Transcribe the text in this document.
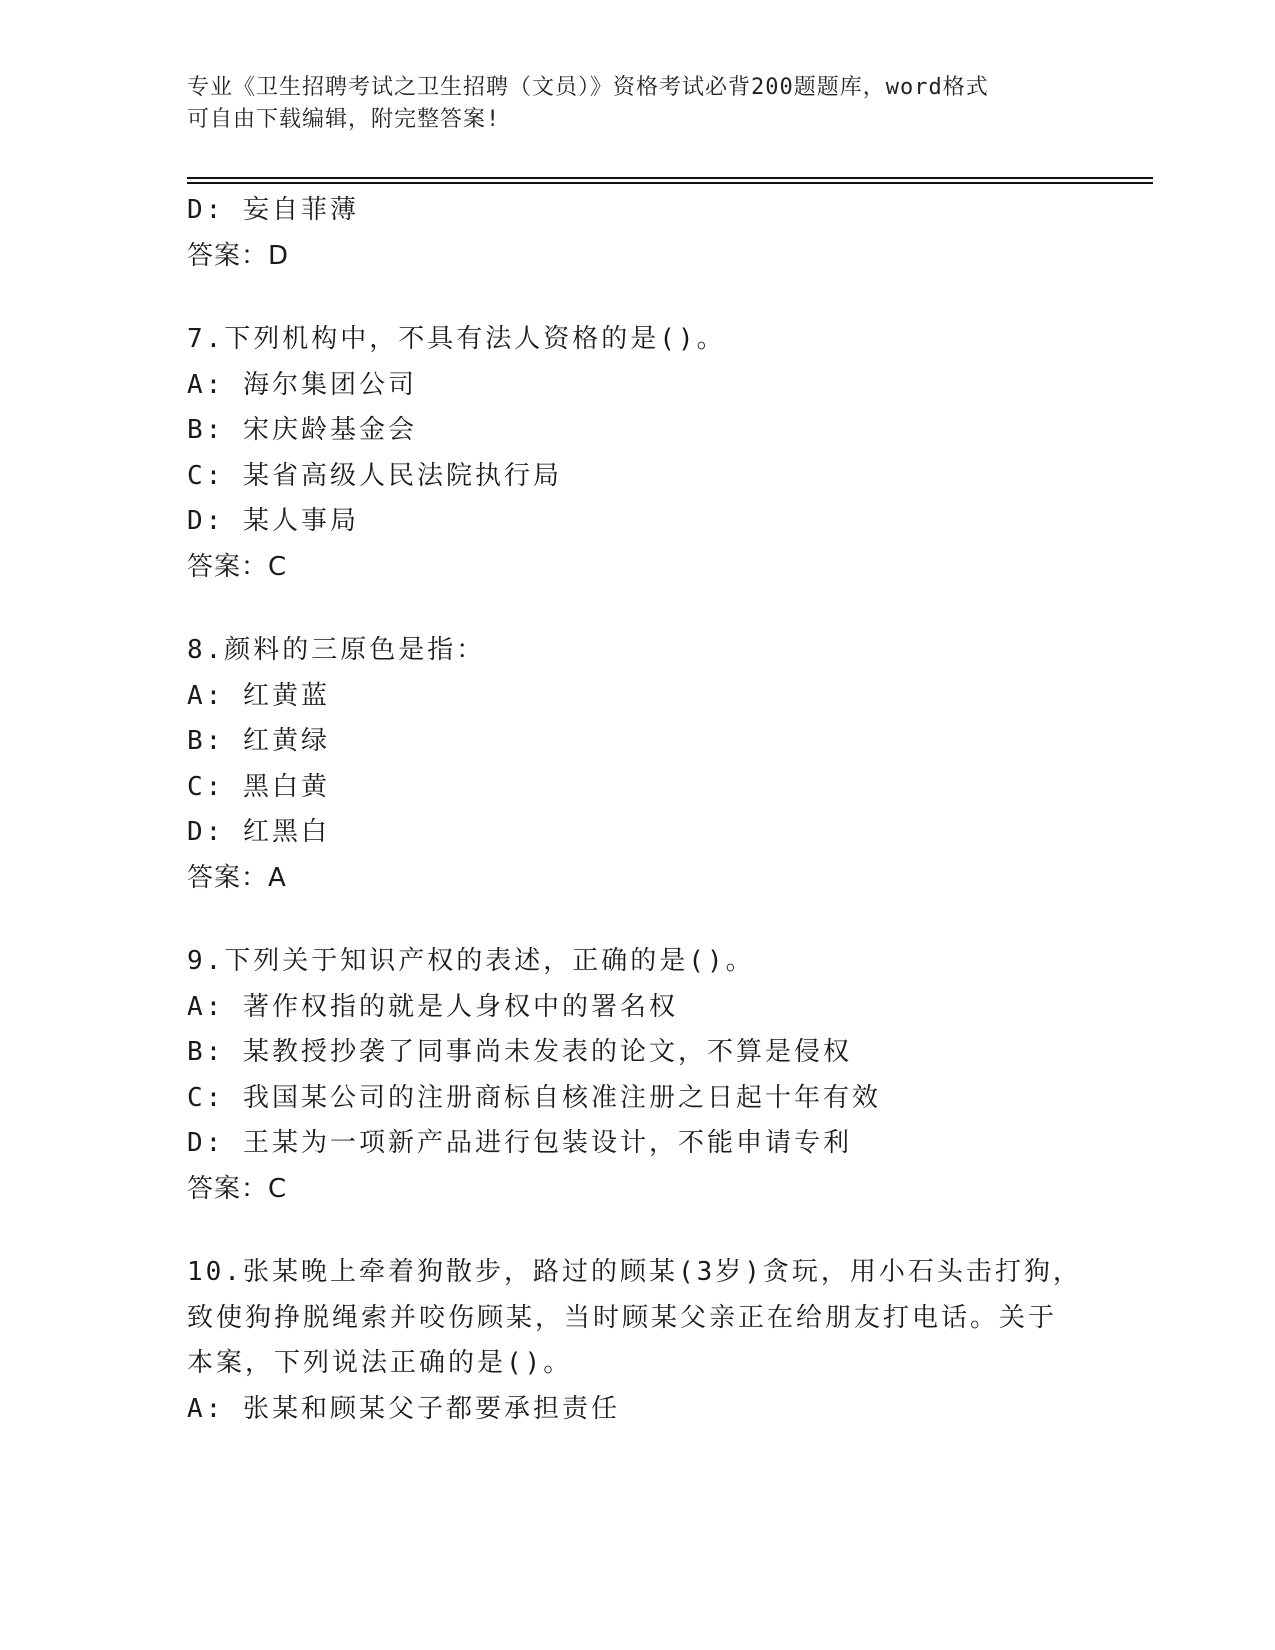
专业《卫生招聘考试之卫生招聘（文员）》资格考试必背200题题库，word格式
可自由下载编辑，附完整答案!
D: 妄自菲薄
答案：D
7.下列机构中，不具有法人资格的是()。
A: 海尔集团公司
B: 宋庆龄基金会
C: 某省高级人民法院执行局
D: 某人事局
答案：C
8.颜料的三原色是指：
A: 红黄蓝
B: 红黄绿
C: 黑白黄
D: 红黑白
答案：A
9.下列关于知识产权的表述，正确的是()。
A: 著作权指的就是人身权中的署名权
B: 某教授抄袭了同事尚未发表的论文，不算是侵权
C: 我国某公司的注册商标自核准注册之日起十年有效
D: 王某为一项新产品进行包装设计，不能申请专利
答案：C
10.张某晚上牵着狗散步，路过的顾某(3岁)贪玩，用小石头击打狗，
致使狗挣脱绳索并咬伤顾某，当时顾某父亲正在给朋友打电话。关于
本案，下列说法正确的是()。
A: 张某和顾某父子都要承担责任
